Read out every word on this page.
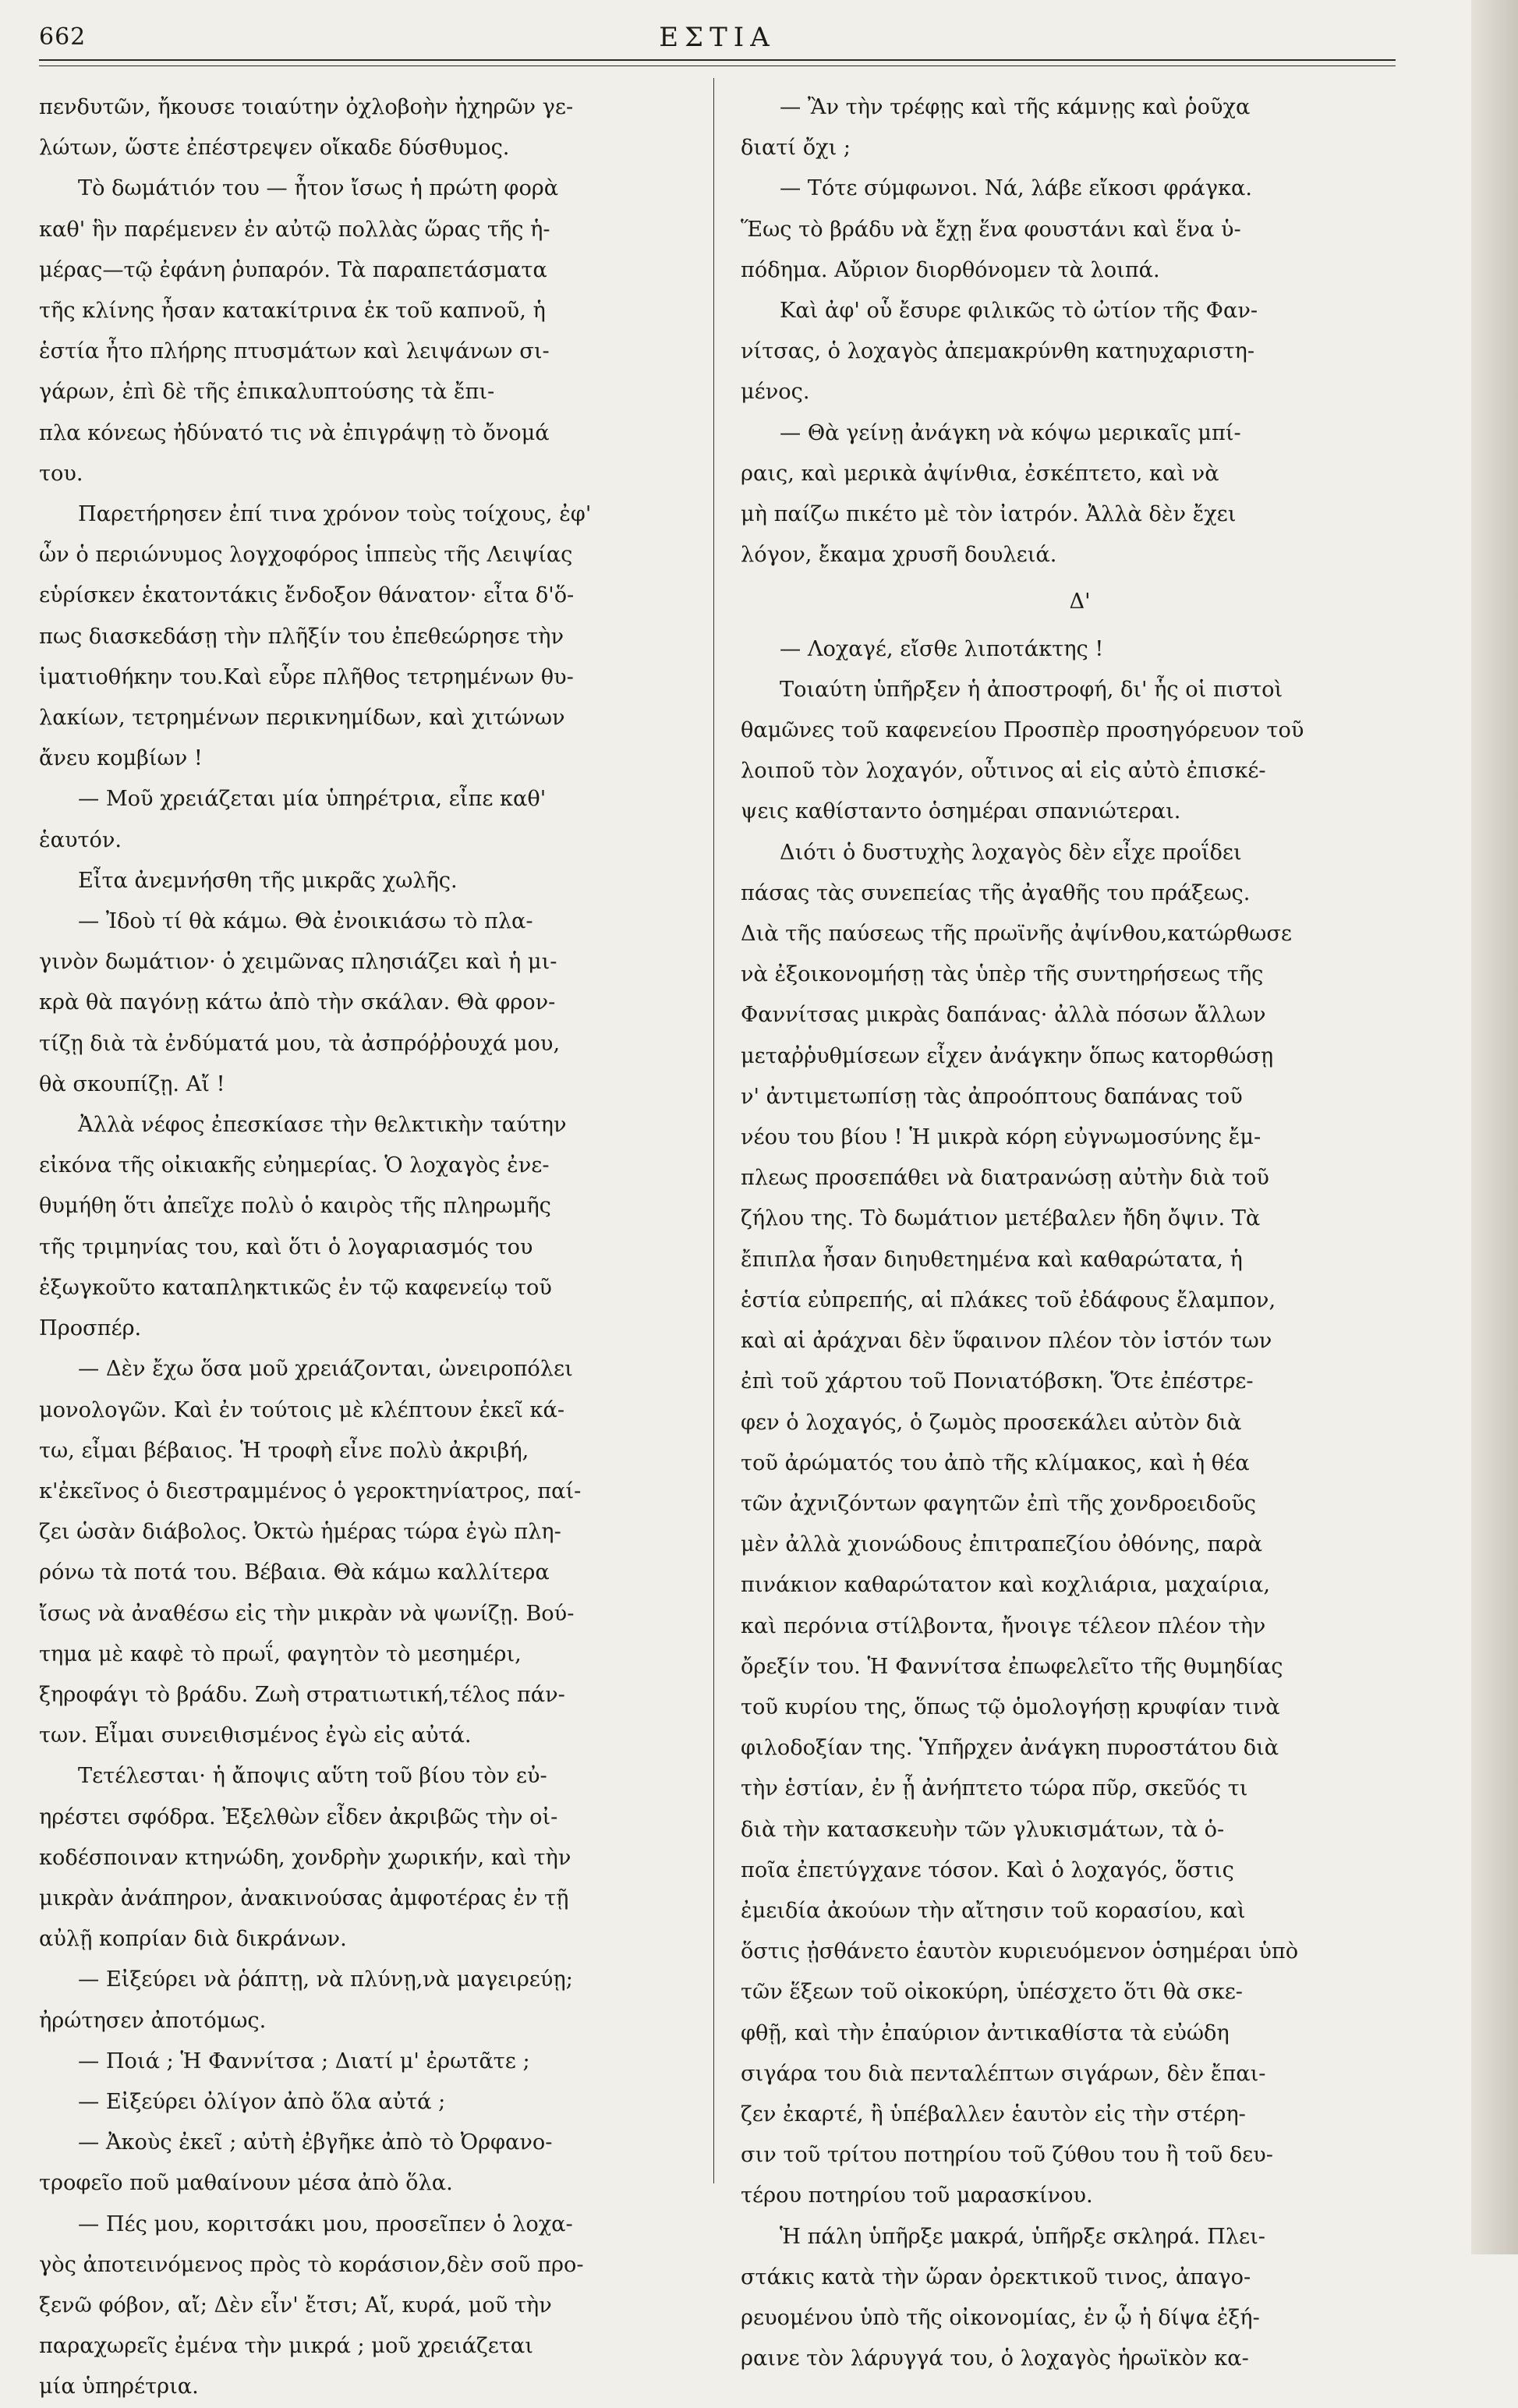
662	ΕΣΤΙΑ
πενδυτῶν, ἤκουσε τοιαύτην ὀχλοβοὴν ἠχηρῶν γε-
λώτων, ὥστε ἐπέστρεψεν οἴκαδε δύσθυμος.
Τὸ δωμάτιόν του — ἦτον ἴσως ἡ πρώτη φορὰ
καθ' ἣν παρέμενεν ἐν αὐτῷ πολλὰς ὥρας τῆς ἡ-
μέρας—τῷ ἐφάνη ῥυπαρόν. Τὰ παραπετάσματα
τῆς κλίνης ἦσαν κατακίτρινα ἐκ τοῦ καπνοῦ, ἡ
ἑστία ἦτο πλήρης πτυσμάτων καὶ λειψάνων σι-
γάρων, ἐπὶ δὲ τῆς ἐπικαλυπτούσης τὰ ἔπι-
πλα κόνεως ἠδύνατό τις νὰ ἐπιγράψῃ τὸ ὄνομά
του.
Παρετήρησεν ἐπί τινα χρόνον τοὺς τοίχους, ἐφ'
ὧν ὁ περιώνυμος λογχοφόρος ἱππεὺς τῆς Λειψίας
εὑρίσκεν ἑκατοντάκις ἔνδοξον θάνατον· εἶτα δ'ὅ-
πως διασκεδάσῃ τὴν πλῆξίν του ἐπεθεώρησε τὴν
ἱματιοθήκην του.Καὶ εὗρε πλῆθος τετρημένων θυ-
λακίων, τετρημένων περικνημίδων, καὶ χιτώνων
ἄνευ κομβίων !
— Μοῦ χρειάζεται μία ὑπηρέτρια, εἶπε καθ'
ἑαυτόν.
Εἶτα ἀνεμνήσθη τῆς μικρᾶς χωλῆς.
— Ἰδοὺ τί θὰ κάμω. Θὰ ἐνοικιάσω τὸ πλα-
γινὸν δωμάτιον· ὁ χειμῶνας πλησιάζει καὶ ἡ μι-
κρὰ θὰ παγόνῃ κάτω ἀπὸ τὴν σκάλαν. Θὰ φρον-
τίζῃ διὰ τὰ ἐνδύματά μου, τὰ ἀσπρόῤῥουχά μου,
θὰ σκουπίζῃ. Αἴ !
Ἀλλὰ νέφος ἐπεσκίασε τὴν θελκτικὴν ταύτην
εἰκόνα τῆς οἰκιακῆς εὐημερίας. Ὁ λοχαγὸς ἐνε-
θυμήθη ὅτι ἀπεῖχε πολὺ ὁ καιρὸς τῆς πληρωμῆς
τῆς τριμηνίας του, καὶ ὅτι ὁ λογαριασμός του
ἐξωγκοῦτο καταπληκτικῶς ἐν τῷ καφενείῳ τοῦ
Προσπέρ.
— Δὲν ἔχω ὅσα μοῦ χρειάζονται, ὠνειροπόλει
μονολογῶν. Καὶ ἐν τούτοις μὲ κλέπτουν ἐκεῖ κά-
τω, εἶμαι βέβαιος. Ἡ τροφὴ εἶνε πολὺ ἀκριβή,
κ'ἐκεῖνος ὁ διεστραμμένος ὁ γεροκτηνίατρος, παί-
ζει ὡσὰν διάβολος. Ὀκτὼ ἡμέρας τώρα ἐγὼ πλη-
ρόνω τὰ ποτά του. Βέβαια. Θὰ κάμω καλλίτερα
ἴσως νὰ ἀναθέσω εἰς τὴν μικρὰν νὰ ψωνίζῃ. Βού-
τημα μὲ καφὲ τὸ πρωΐ, φαγητὸν τὸ μεσημέρι,
ξηροφάγι τὸ βράδυ. Ζωὴ στρατιωτική,τέλος πάν-
των. Εἶμαι συνειθισμένος ἐγὼ εἰς αὐτά.
Τετέλεσται· ἡ ἄποψις αὕτη τοῦ βίου τὸν εὐ-
ηρέστει σφόδρα. Ἐξελθὼν εἶδεν ἀκριβῶς τὴν οἰ-
κοδέσποιναν κτηνώδη, χονδρὴν χωρικήν, καὶ τὴν
μικρὰν ἀνάπηρον, ἀνακινούσας ἀμφοτέρας ἐν τῇ
αὐλῇ κοπρίαν διὰ δικράνων.
— Εἰξεύρει νὰ ῥάπτῃ, νὰ πλύνῃ,νὰ μαγειρεύῃ;
ἠρώτησεν ἀποτόμως.
— Ποιά ; Ἡ Φαννίτσα ; Διατί μ' ἐρωτᾶτε ;
— Εἰξεύρει ὀλίγον ἀπὸ ὅλα αὐτά ;
— Ἀκοὺς ἐκεῖ ; αὐτὴ ἐβγῆκε ἀπὸ τὸ Ὀρφανο-
τροφεῖο ποῦ μαθαίνουν μέσα ἀπὸ ὅλα.
— Πές μου, κοριτσάκι μου, προσεῖπεν ὁ λοχα-
γὸς ἀποτεινόμενος πρὸς τὸ κοράσιον,δὲν σοῦ προ-
ξενῶ φόβον, αἴ; Δὲν εἶν' ἔτσι; Αἴ, κυρά, μοῦ τὴν
παραχωρεῖς ἐμένα τὴν μικρά ; μοῦ χρειάζεται
μία ὑπηρέτρια.
— Ἂν τὴν τρέφῃς καὶ τῆς κάμνῃς καὶ ῥοῦχα
διατί ὄχι ;
— Τότε σύμφωνοι. Νά, λάβε εἴκοσι φράγκα.
Ἕως τὸ βράδυ νὰ ἔχῃ ἕνα φουστάνι καὶ ἕνα ὑ-
πόδημα. Αὔριον διορθόνομεν τὰ λοιπά.
Καὶ ἀφ' οὗ ἔσυρε φιλικῶς τὸ ὠτίον τῆς Φαν-
νίτσας, ὁ λοχαγὸς ἀπεμακρύνθη κατηυχαριστη-
μένος.
— Θὰ γείνῃ ἀνάγκη νὰ κόψω μερικαῖς μπί-
ραις, καὶ μερικὰ ἀψίνθια, ἐσκέπτετο, καὶ νὰ
μὴ παίζω πικέτο μὲ τὸν ἰατρόν. Ἀλλὰ δὲν ἔχει
λόγον, ἔκαμα χρυσῆ δουλειά.
Δ'
— Λοχαγέ, εἴσθε λιποτάκτης !
Τοιαύτη ὑπῆρξεν ἡ ἀποστροφή, δι' ἧς οἱ πιστοὶ
θαμῶνες τοῦ καφενείου Προσπὲρ προσηγόρευον τοῦ
λοιποῦ τὸν λοχαγόν, οὗτινος αἱ εἰς αὐτὸ ἐπισκέ-
ψεις καθίσταντο ὁσημέραι σπανιώτεραι.
Διότι ὁ δυστυχὴς λοχαγὸς δὲν εἶχε προΐδει
πάσας τὰς συνεπείας τῆς ἀγαθῆς του πράξεως.
Διὰ τῆς παύσεως τῆς πρωϊνῆς ἀψίνθου,κατώρθωσε
νὰ ἐξοικονομήσῃ τὰς ὑπὲρ τῆς συντηρήσεως τῆς
Φαννίτσας μικρὰς δαπάνας· ἀλλὰ πόσων ἄλλων
μεταῤῥυθμίσεων εἶχεν ἀνάγκην ὅπως κατορθώσῃ
ν' ἀντιμετωπίσῃ τὰς ἀπροόπτους δαπάνας τοῦ
νέου του βίου ! Ἡ μικρὰ κόρη εὐγνωμοσύνης ἔμ-
πλεως προσεπάθει νὰ διατρανώσῃ αὐτὴν διὰ τοῦ
ζήλου της. Τὸ δωμάτιον μετέβαλεν ἤδη ὄψιν. Τὰ
ἔπιπλα ἦσαν διηυθετημένα καὶ καθαρώτατα, ἡ
ἑστία εὐπρεπής, αἱ πλάκες τοῦ ἐδάφους ἔλαμπον,
καὶ αἱ ἀράχναι δὲν ὕφαινον πλέον τὸν ἱστόν των
ἐπὶ τοῦ χάρτου τοῦ Πονιατόβσκη. Ὅτε ἐπέστρε-
φεν ὁ λοχαγός, ὁ ζωμὸς προσεκάλει αὐτὸν διὰ
τοῦ ἀρώματός του ἀπὸ τῆς κλίμακος, καὶ ἡ θέα
τῶν ἀχνιζόντων φαγητῶν ἐπὶ τῆς χονδροειδοῦς
μὲν ἀλλὰ χιονώδους ἐπιτραπεζίου ὀθόνης, παρὰ
πινάκιον καθαρώτατον καὶ κοχλιάρια, μαχαίρια,
καὶ περόνια στίλβοντα, ἤνοιγε τέλεον πλέον τὴν
ὄρεξίν του. Ἡ Φαννίτσα ἐπωφελεῖτο τῆς θυμηδίας
τοῦ κυρίου της, ὅπως τῷ ὁμολογήσῃ κρυφίαν τινὰ
φιλοδοξίαν της. Ὑπῆρχεν ἀνάγκη πυροστάτου διὰ
τὴν ἑστίαν, ἐν ᾗ ἀνήπτετο τώρα πῦρ, σκεῦός τι
διὰ τὴν κατασκευὴν τῶν γλυκισμάτων, τὰ ὁ-
ποῖα ἐπετύγχανε τόσον. Καὶ ὁ λοχαγός, ὅστις
ἐμειδία ἀκούων τὴν αἴτησιν τοῦ κορασίου, καὶ
ὅστις ᾐσθάνετο ἑαυτὸν κυριευόμενον ὁσημέραι ὑπὸ
τῶν ἕξεων τοῦ οἰκοκύρη, ὑπέσχετο ὅτι θὰ σκε-
φθῇ, καὶ τὴν ἐπαύριον ἀντικαθίστα τὰ εὐώδη
σιγάρα του διὰ πενταλέπτων σιγάρων, δὲν ἔπαι-
ζεν ἐκαρτέ, ἢ ὑπέβαλλεν ἑαυτὸν εἰς τὴν στέρη-
σιν τοῦ τρίτου ποτηρίου τοῦ ζύθου του ἢ τοῦ δευ-
τέρου ποτηρίου τοῦ μαρασκίνου.
Ἡ πάλη ὑπῆρξε μακρά, ὑπῆρξε σκληρά. Πλει-
στάκις κατὰ τὴν ὥραν ὀρεκτικοῦ τινος, ἀπαγο-
ρευομένου ὑπὸ τῆς οἰκονομίας, ἐν ᾧ ἡ δίψα ἐξή-
ραινε τὸν λάρυγγά του, ὁ λοχαγὸς ἡρωϊκὸν κα-
